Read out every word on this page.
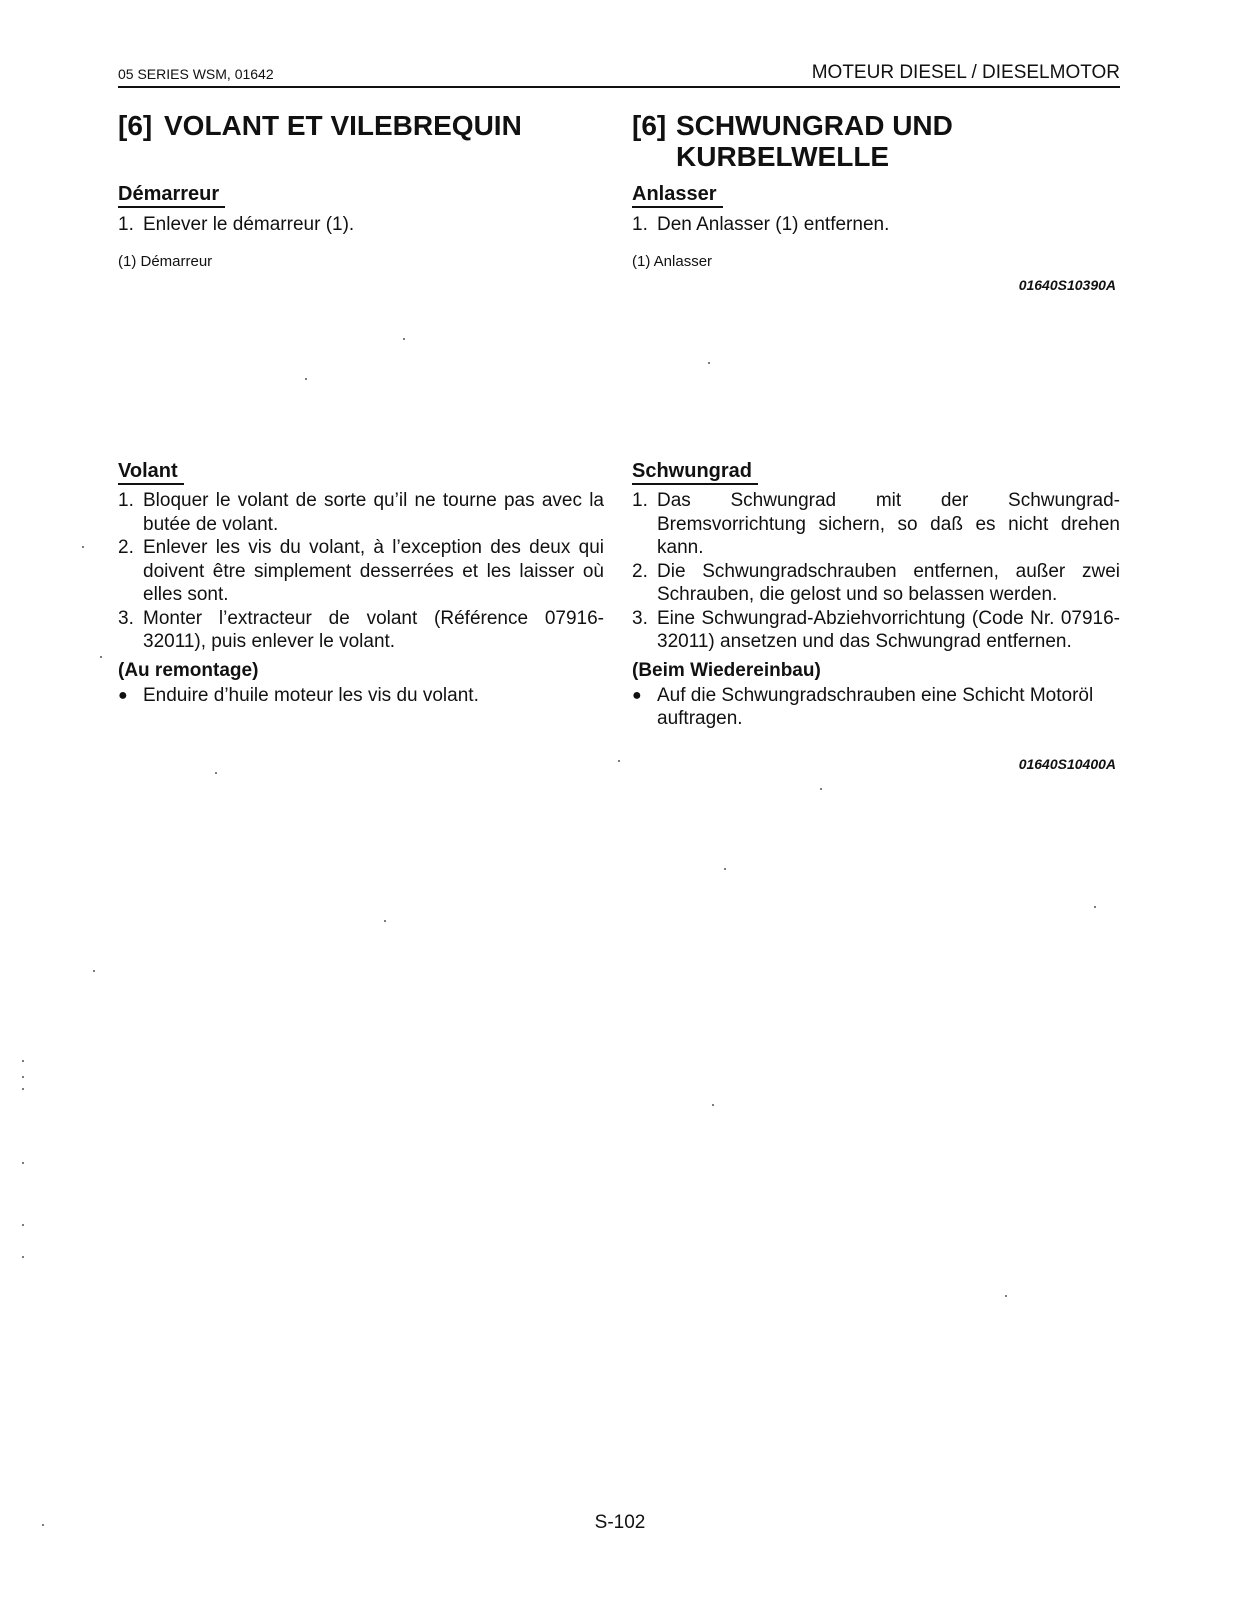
05 SERIES WSM, 01642	MOTEUR DIESEL / DIESELMOTOR
[6] VOLANT ET VILEBREQUIN	[6] SCHWUNGRAD UND
KURBELWELLE
Démarreur
1. Enlever le démarreur (1).
(1) Démarreur
Anlasser
1. Den Anlasser (1) entfernen.
(1) Anlasser
01640S10390A
Volant
1. Bloquer le volant de sorte qu’il ne tourne pas avec la butée de volant.
2. Enlever les vis du volant, à l’exception des deux qui doivent être simplement desserrées et les laisser où elles sont.
3. Monter l’extracteur de volant (Référence 07916-32011), puis enlever le volant.
(Au remontage)
● Enduire d’huile moteur les vis du volant.
Schwungrad
1. Das Schwungrad mit der Schwungrad-Bremsvorrichtung sichern, so daß es nicht drehen kann.
2. Die Schwungradschrauben entfernen, außer zwei Schrauben, die gelost und so belassen werden.
3. Eine Schwungrad-Abziehvorrichtung (Code Nr. 07916-32011) ansetzen und das Schwungrad entfernen.
(Beim Wiedereinbau)
● Auf die Schwungradschrauben eine Schicht Motoröl auftragen.
01640S10400A
S-102
